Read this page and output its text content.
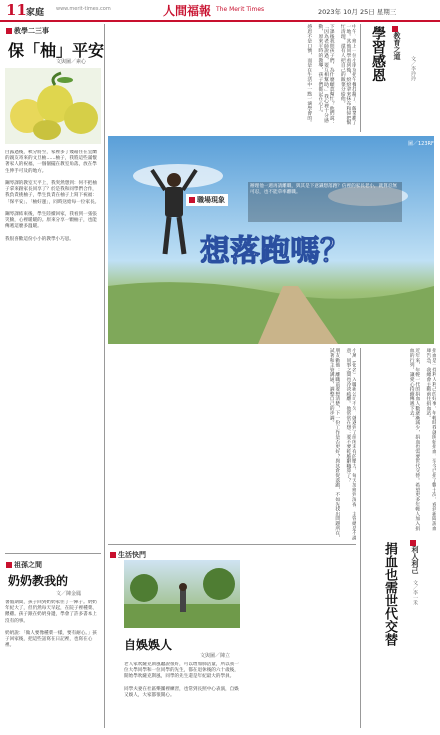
11 家庭 www.merit-times.com	人間福報 The Merit Times	2023年 10月 25日 星期三
教學二三事
保「柚」平安
文與圖／素心
白露過後，秋分將至，家裡多了幾箱住在宜蘭的親友寄來的文旦柚……柚子，我將這些滿懷著家人的祝福，一個個擺在教室角落，放在學生伸手可及的地方。

鋼琴課的教室天平上，我突然想到：何不把柚子拿來跟家長同享了？於是我和同學們合作，我負責挑柚子，學生負責在柚子上寫下祝福：「保平安」、「柚好運」，同時送給每一位家長。

鋼琴課結束後，學生陸續回家，我看到一張張笑臉，心裡暖暖的。原來分享一顆柚子，也能傳遞這麼多溫暖。

我很喜歡這份小小的教學小巧思。
祖孫之間
奶奶教我的
文／陳金鳳
暑假期間，孩子回到奶奶家住了一陣子。奶奶年紀大了，但仍然每天早起，在院子裡種菜、餵雞。孩子跟在奶奶身邊，學會了許多書本上沒有的事。

奶奶說：「做人要像種菜一樣，要有耐心。」孩子回家後，把這些話寫在日記裡，也寫在心裡。
中午，班上一位小朋友把午餐打翻了，飯菜撒了一地。其他同學看到後，紛紛拿來抹布和掃把幫忙清理，還有人把自己的飯菜分給他。

下課後我問孩子們，為什麼願意幫忙？他們說：「因為老師說過，要互相幫助。」我心裡十分感動，原來平時的教導，孩子們都記在心上。

感恩不是口號，而是在生活中一點一滴學會的。	教育之道
學習感恩	文／李玲玲
圖／123RF
職場現象
辦理他一週再請離職，與其是下意識想落跑？信裡的家長老小，就算忍無可忍，也不能草率離職。
想落跑嗎？
小萬（化名）入職新公司不久，就遇到了前所未有的壓力。每天加班到深夜，主管總是不滿意，同事之間也冷淡疏離。他常常在想：要不要乾脆辭職算了？

朋友勸他：離職前要想清楚，下一份工作是否更好？與其倉促落跑，不如先找出問題所在，試著和主管溝通，調整自己的步調。
利人利己
捐血也需世代交替	文／李一禾
捐血是一件利人利己的好事。年輕時我就開始捐血，至今已捐了數十次。看到新聞說血庫告急，我總會主動前往捐血站。

近年來，年輕一代的捐血人數逐漸減少，捐血也需要世代交替。希望更多年輕人加入捐血的行列，讓愛心持續傳遞下去。
生活快門
自娛娛人
文與圖／陳立
老人家吹薩克斯風聽說很好，可以增加肺活量，所以我一位大學同學和一位同學的先生，都在退休後的六十歲後，開始學吹薩克斯風，同學的先生還是年紀最大的學員。

同學夫妻在社區樂團裡練習，也常到長照中心表演，自娛又娛人，大家都很開心。
